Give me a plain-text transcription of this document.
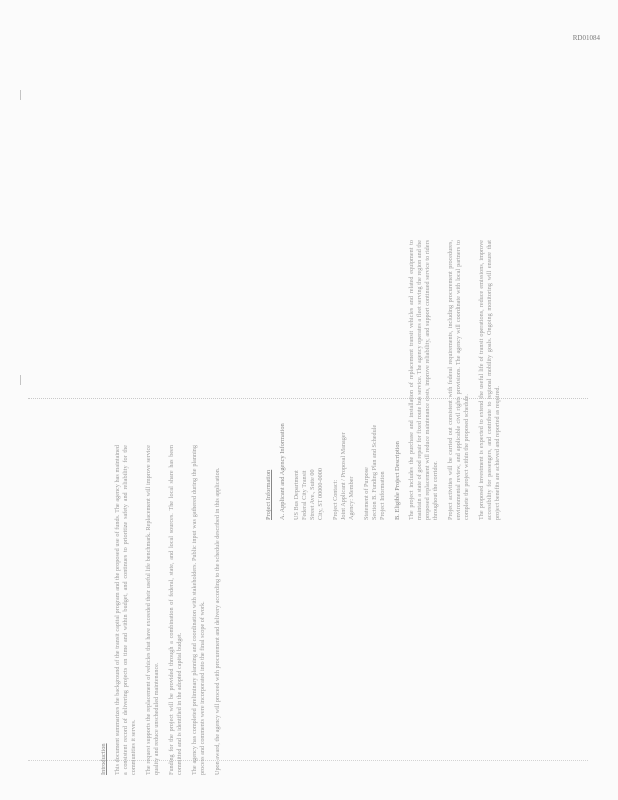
RD01084
Project Information A. Applicant and Agency Information US Bus Department
Federal City Transit
Street Ave., Suite 00
City, ST 00000-0000 Project Contact:
Joint Applicant / Proposal Manager
Agency: Member Statement of Purpose
Section B. Funding Plan and Schedule
Project Information B. Eligible Project Description The project includes the purchase and installation of replacement transit vehicles and related equipment to maintain a state of good repair for fixed route bus service. The agency operates a fleet serving the region and the proposed replacement will reduce maintenance costs, improve reliability, and support continued service to riders throughout the corridor. Project activities will be carried out consistent with federal requirements, including procurement procedures, environmental review, and applicable civil rights provisions. The agency will coordinate with local partners to complete the project within the proposed schedule. The proposed investment is expected to extend the useful life of transit operations, reduce emissions, improve accessibility for passengers, and contribute to regional mobility goals. Ongoing monitoring will ensure that project benefits are achieved and reported as required.

Introduction This document summarizes the background of the transit capital program and the proposed use of funds. The agency has maintained a consistent record of delivering projects on time and within budget, and continues to prioritize safety and reliability for the communities it serves. The request supports the replacement of vehicles that have exceeded their useful life benchmark. Replacement will improve service quality and reduce unscheduled maintenance. Funding for the project will be provided through a combination of federal, state, and local sources. The local share has been committed and is identified in the adopted capital budget. The agency has completed preliminary planning and coordination with stakeholders. Public input was gathered during the planning process and comments were incorporated into the final scope of work. Upon award, the agency will proceed with procurement and delivery according to the schedule described in this application.
